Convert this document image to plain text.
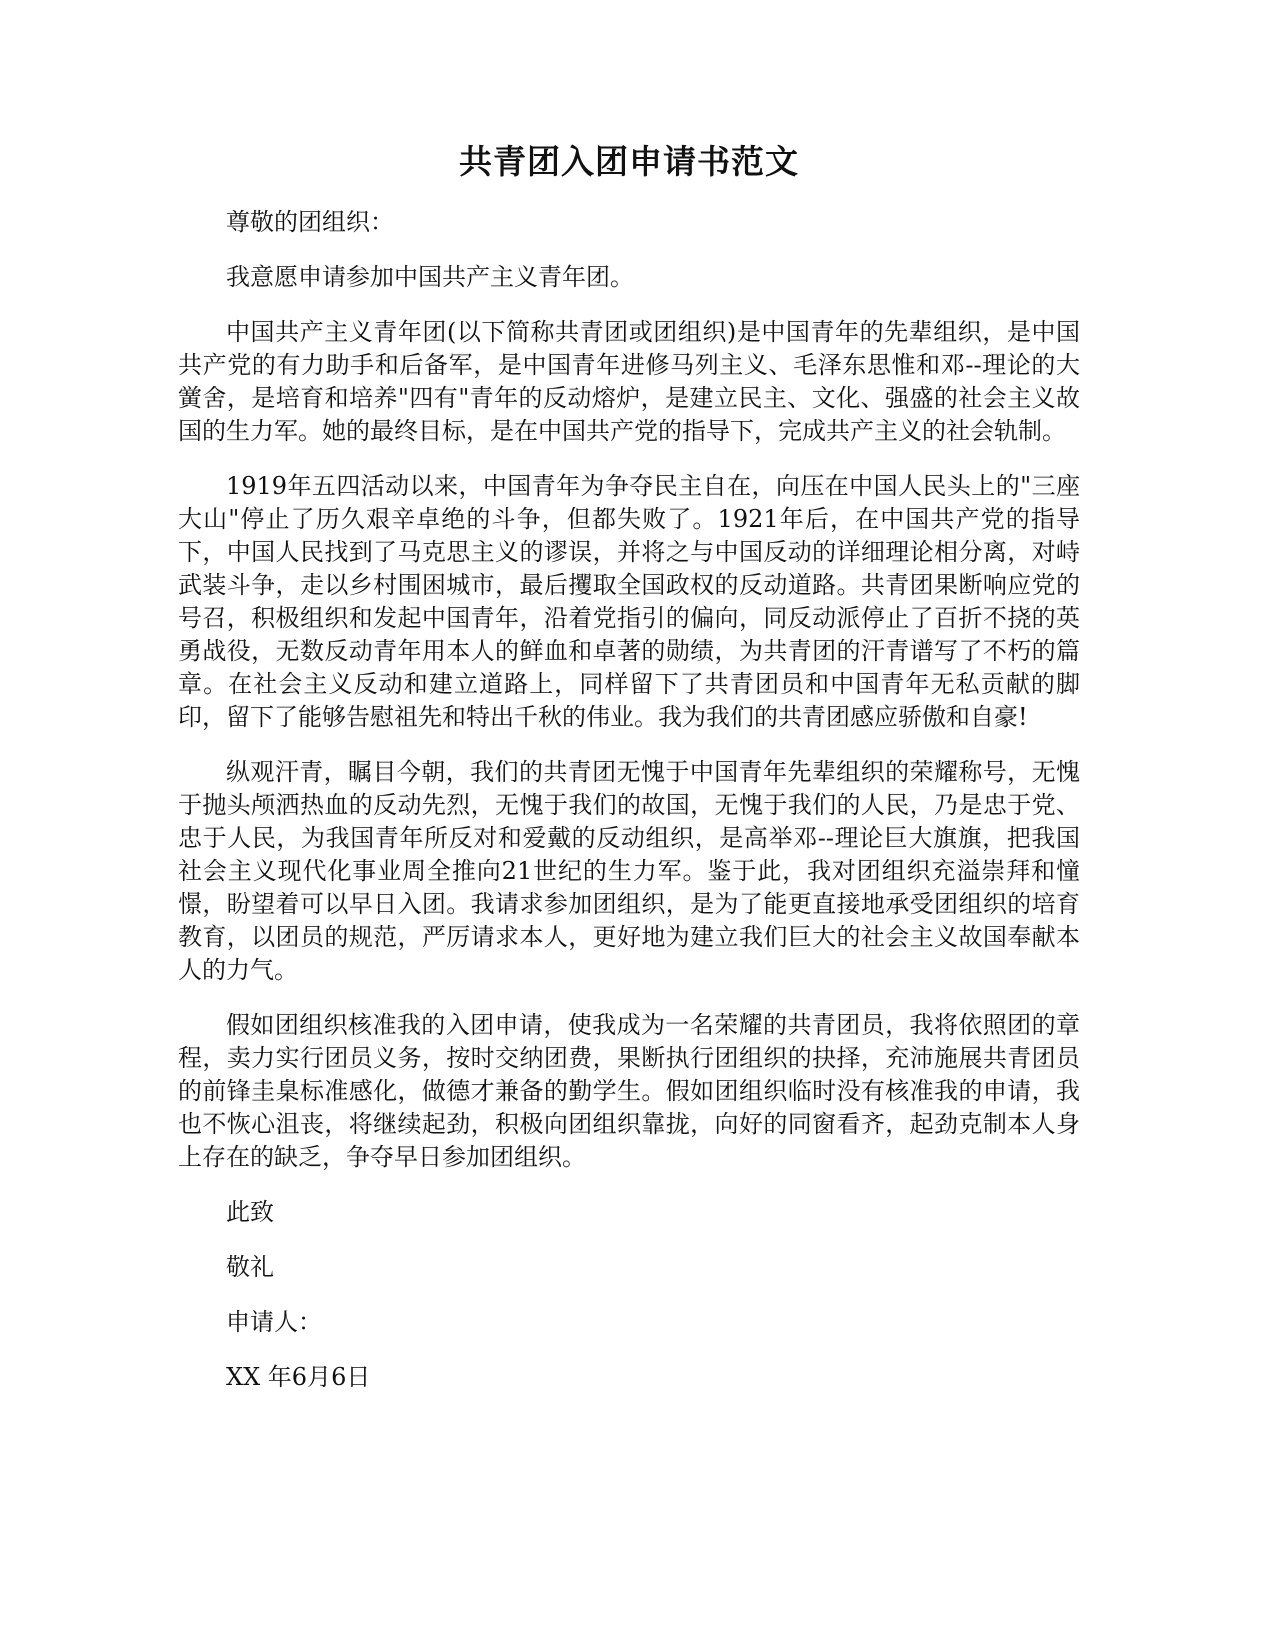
共青团入团申请书范文

尊敬的团组织：

我意愿申请参加中国共产主义青年团。

中国共产主义青年团(以下简称共青团或团组织)是中国青年的先辈组织，是中国共产党的有力助手和后备军，是中国青年进修马列主义、毛泽东思惟和邓--理论的大黉舍，是培育和培养"四有"青年的反动熔炉，是建立民主、文化、强盛的社会主义故国的生力军。她的最终目标，是在中国共产党的指导下，完成共产主义的社会轨制。

1919年五四活动以来，中国青年为争夺民主自在，向压在中国人民头上的"三座大山"停止了历久艰辛卓绝的斗争，但都失败了。1921年后，在中国共产党的指导下，中国人民找到了马克思主义的谬误，并将之与中国反动的详细理论相分离，对峙武装斗争，走以乡村围困城市，最后攫取全国政权的反动道路。共青团果断响应党的号召，积极组织和发起中国青年，沿着党指引的偏向，同反动派停止了百折不挠的英勇战役，无数反动青年用本人的鲜血和卓著的勋绩，为共青团的汗青谱写了不朽的篇章。在社会主义反动和建立道路上，同样留下了共青团员和中国青年无私贡献的脚印，留下了能够告慰祖先和特出千秋的伟业。我为我们的共青团感应骄傲和自豪!

纵观汗青，瞩目今朝，我们的共青团无愧于中国青年先辈组织的荣耀称号，无愧于抛头颅洒热血的反动先烈，无愧于我们的故国，无愧于我们的人民，乃是忠于党、忠于人民，为我国青年所反对和爱戴的反动组织，是高举邓--理论巨大旗旗，把我国社会主义现代化事业周全推向21世纪的生力军。鉴于此，我对团组织充溢崇拜和憧憬，盼望着可以早日入团。我请求参加团组织，是为了能更直接地承受团组织的培育教育，以团员的规范，严厉请求本人，更好地为建立我们巨大的社会主义故国奉献本人的力气。

假如团组织核准我的入团申请，使我成为一名荣耀的共青团员，我将依照团的章程，卖力实行团员义务，按时交纳团费，果断执行团组织的抉择，充沛施展共青团员的前锋圭臬标准感化，做德才兼备的勤学生。假如团组织临时没有核准我的申请，我也不恢心沮丧，将继续起劲，积极向团组织靠拢，向好的同窗看齐，起劲克制本人身上存在的缺乏，争夺早日参加团组织。

此致

敬礼

申请人：

XX 年6月6日
